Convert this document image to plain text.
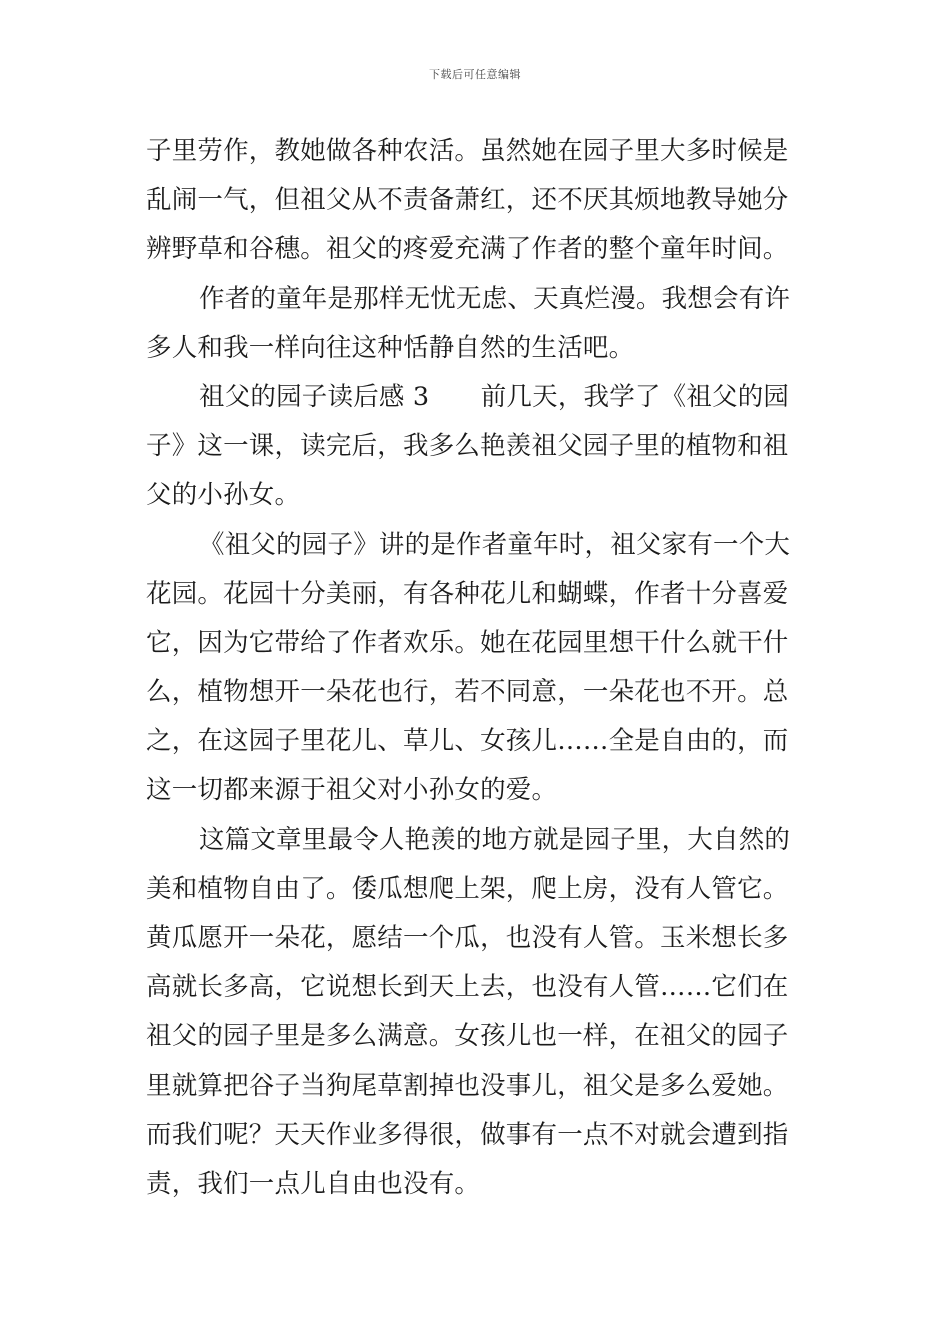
下载后可任意编辑
子里劳作，教她做各种农活。虽然她在园子里大多时候是
乱闹一气，但祖父从不责备萧红，还不厌其烦地教导她分
辨野草和谷穗。祖父的疼爱充满了作者的整个童年时间。
作者的童年是那样无忧无虑、天真烂漫。我想会有许
多人和我一样向往这种恬静自然的生活吧。
祖父的园子读后感 3　　前几天，我学了《祖父的园
子》这一课，读完后，我多么艳羡祖父园子里的植物和祖
父的小孙女。
《祖父的园子》讲的是作者童年时，祖父家有一个大
花园。花园十分美丽，有各种花儿和蝴蝶，作者十分喜爱
它，因为它带给了作者欢乐。她在花园里想干什么就干什
么，植物想开一朵花也行，若不同意，一朵花也不开。总
之，在这园子里花儿、草儿、女孩儿……全是自由的，而
这一切都来源于祖父对小孙女的爱。
这篇文章里最令人艳羡的地方就是园子里，大自然的
美和植物自由了。倭瓜想爬上架，爬上房，没有人管它。
黄瓜愿开一朵花，愿结一个瓜，也没有人管。玉米想长多
高就长多高，它说想长到天上去，也没有人管……它们在
祖父的园子里是多么满意。女孩儿也一样，在祖父的园子
里就算把谷子当狗尾草割掉也没事儿，祖父是多么爱她。
而我们呢？天天作业多得很，做事有一点不对就会遭到指
责，我们一点儿自由也没有。
